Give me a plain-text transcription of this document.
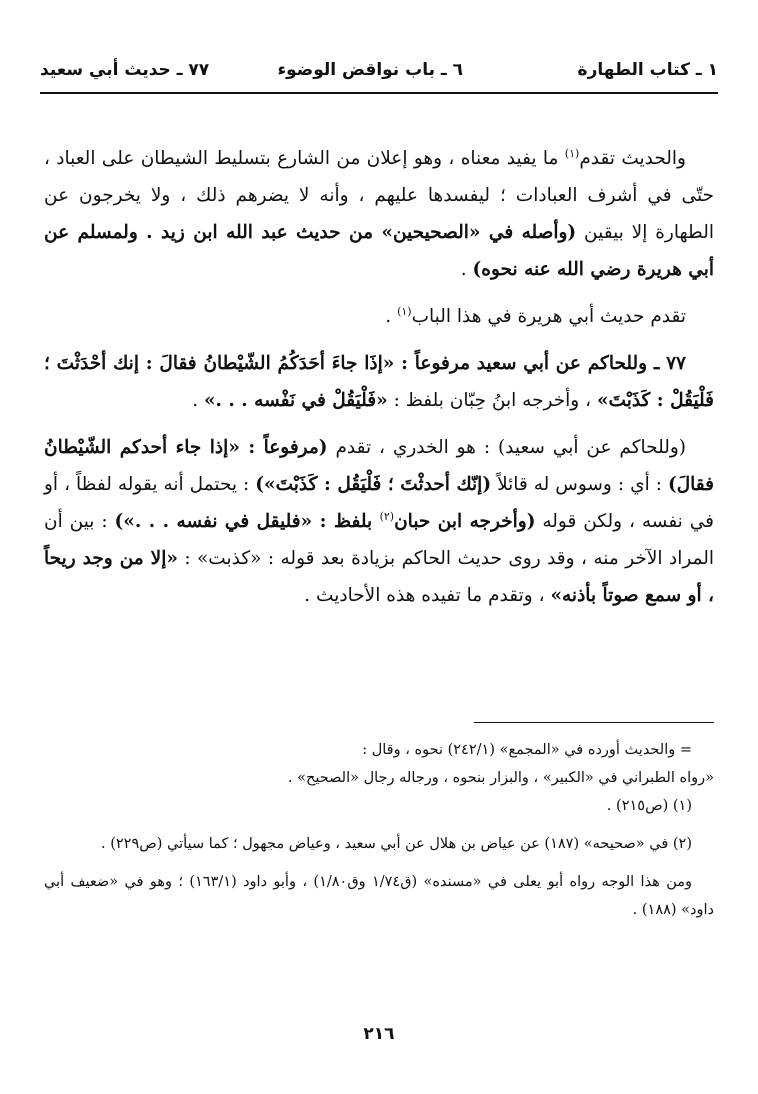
١ ـ كتاب الطهارة
٦ ـ باب نواقض الوضوء
٧٧ ـ حديث أبي سعيد

والحديث تقدم$^{(١)}$ ما يفيد معناه ، وهو إعلان من الشارع بتسليط الشيطان على العباد ، حتّى في أشرف العبادات ؛ ليفسدها عليهم ، وأنه لا يضرهم ذلك ، ولا يخرجون عن الطهارة إلا بيقين (وأصله في «الصحيحين» من حديث عبد الله ابن زيد . ولمسلم عن أبي هريرة رضي الله عنه نحوه) .

تقدم حديث أبي هريرة في هذا الباب$^{(١)}$ .

٧٧ ـ وللحاكم عن أبي سعيد مرفوعاً : «إذَا جاءَ أحَدَكُمُ الشّيْطانُ فقالَ : إنك أحْدَثْتَ ؛ فَلْيَقُلْ : كَذَبْتَ» ، وأخرجه ابنُ حِبّان بلفظ : «فَلْيَقُلْ في نَفْسه . . .» .

(وللحاكم عن أبي سعيد) : هو الخدري ، تقدم (مرفوعاً : «إذا جاء أحدكم الشّيْطانُ فقالَ) : أي : وسوس له قائلاً (إنّك أحدثْتَ ؛ فَلْيَقُل : كَذَبْتَ») : يحتمل أنه يقوله لفظاً ، أو في نفسه ، ولكن قوله (وأخرجه ابن حبان$^{(٢)}$ بلفظ : «فليقل في نفسه . . .») : بين أن المراد الآخر منه ، وقد روى حديث الحاكم بزيادة بعد قوله : «كذبت» : «إلا من وجد ريحاً ، أو سمع صوتاً بأذنه» ، وتقدم ما تفيده هذه الأحاديث .

= والحديث أورده في «المجمع» (٢٤٢/١) نحوه ، وقال :

«رواه الطبراني في «الكبير» ، والبزار بنحوه ، ورجاله رجال «الصحيح» .

(١) (ص٢١٥) .

(٢) في «صحيحه» (١٨٧) عن عياض بن هلال عن أبي سعيد ، وعياض مجهول ؛ كما سيأتي (ص٢٢٩) .

ومن هذا الوجه رواه أبو يعلى في «مسنده» (ق١/٧٤ وق١/٨٠) ، وأبو داود (١٦٣/١) ؛ وهو في «ضعيف أبي داود» (١٨٨) .

٢١٦
